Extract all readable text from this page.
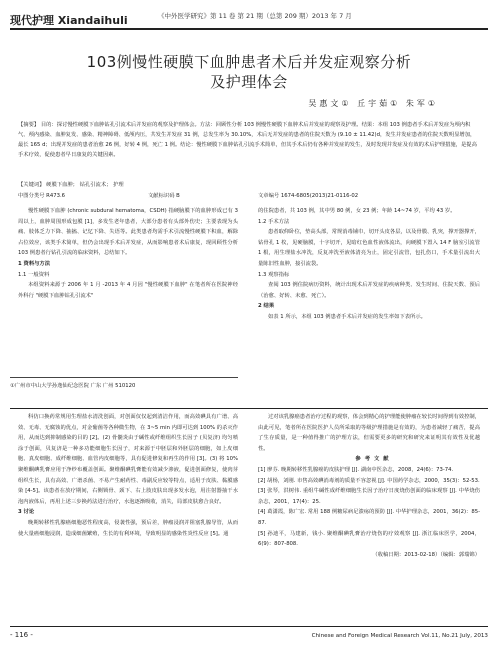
现代护理 Xiandaihuli	《中外医学研究》第 11 卷 第 21 期（总第 209 期）2013 年 7 月
103例慢性硬膜下血肿患者术后并发症观察分析
及护理体会
吴惠文① 丘宇茹① 朱军①
【摘要】 目的：探讨慢性硬膜下血肿钻孔引流术后并发症的观察及护理体会。方法：回顾性分析 103 例慢性硬膜下血肿术后并发症的观察及护理。结果：本组 103 例患者手术后并发症为颅内积气、颅内感染、血肿复发、感染、精神障碍、低颅内压，共发生并发症 31 例，总发生率为 30.10%，术后无并发症的患者的住院天数为 (9.10 ± 11.42)d，发生并发症患者的住院天数明显增加，最长 165 d；出现并发症的患者治愈 26 例，好转 4 例，死亡 1 例。结论：慢性硬膜下血肿钻孔引流手术简单，但其手术后仍有各种并发症的发生，及时发现并发症及有效的术后护理措施，是提高手术疗效，促使患者早日康复的关键因素。
【关键词】 硬膜下血肿； 钻孔引流术； 护理
中图分类号 R473.6	文献标识码 B	文章编号 1674-6805(2013)21-0116-02

慢性硬膜下血肿 (chronic subdural hematoma，CSDH) 指硬脑膜下的血肿形成已有 3 周以上，血肿周围形成包膜 [1]，多发生老年患者，大部分患者有头部外伤史；主要表现为头痛、肢体乏力下降、抽搐、记忆下降、失语等。此类患者均需手术引流慢性硬膜下积血，解除占位效应，该类手术简单，但仍会出现手术后并发症，从而影响患者术后康复，现回顾性分析 103 例患者行钻孔引流的临床资料，总结如下。

1 资料与方法

1.1 一般资料

本组资料来源于 2006 年 1 月 -2013 年 4 月因 "慢性硬膜下血肿" 在笔者所在医院神经外科行 "硬膜下血肿钻孔引流术"

①广州市中山大学孙逸仙纪念医院 广东 广州 510120

的住院患者，共 103 例，其中男 80 例，女 23 例；年龄 14~74 岁，平均 43 岁。

1.2 手术方法

患者取仰卧位，垫高头部，常规消毒铺巾，切开头皮各层，以及骨膜、乳突，撑开器撑开，钻骨孔 1 枚，见硬脑膜，十字切开，见暗红色血性液体流出，向硬膜下置入 14 F 脑室引流管 1 根，用生理盐水冲洗，反复冲洗至液体清亮为止，固定引流管，包扎伤口，手术量引流出大量陈旧性血肿，接引流袋。

1.3 观察指标

查阅 103 例住院病历资料，统计出现术后并发症的疾病种类、发生时间、住院天数、预后（治愈、好转、未愈、死亡）。

2 结果

如表 1 所示，本组 103 例患者手术后并发症的发生率如下表所示。

科仿口换药常规用生理盐水清洗创面，对创面仅仅起到清洁作用，而高效碘具有广谱、高效、无毒、无腐蚀的优点，对金葡菌等各种微生物，在 3~5 min 内即可达到 100% 的杀灭作用，从而达到抑制感染的目的 [2]。(2) 骨髓炎由于碱性或纤维组织生长因子 (贝复济) 均匀喷涂于创面，贝复济是一种多功能细胞生长因子，对来源于中胚层和外胚层的细胞，如上皮细胞、真皮细胞、成纤维细胞、血管内皮细胞等，具有促进修复和再生的作用 [3]。(3) 将 10% 聚维酮碘乳膏应用于净纱布覆盖创面。聚维酮碘乳膏能有效减少渗液，促进创面修复，使肉芽组织生长，具有高效、广谱杀菌、不易产生耐药性、毒副反应较等特点，适用于皮肤、黏膜感染 [4-5]。该患者在放疗期间，右侧锁骨、颈下、右上肢皮肤出现多发水泡，用注射器抽干水泡内液体后，再用上述三步换药法进行治疗，水泡逐渐吸收，消失，局部皮肤愈合良好。

3 讨论

晚期转移性乳腺癌细胞恶性程度高，侵袭性强，预后差，肿瘤浸润并阻塞乳腺导管，从而使大量癌细胞浸润，造成细菌繁殖，生长的有利环境，导致明显的感染性炎性反应 [5]。通

过对该乳腺癌患者治疗过程的观察，体会到精心的护理能使肿瘤在较长时间得到有效控制，由此可见，笔者所在医院医护人员所采取的等级护理措施是有效的，为患者减轻了痛苦，提高了生存质量，是一种值得推广的护理方法，但需要更多的研究和研究来证明其有效性及优越性。

参考文献

[1] 廖芬. 晚期转移性乳腺癌的皮肤护理 [J]. 湖南中医杂志，2008，24(6)：73-74.

[2] 胡杨，刘刚. 市售高效碘消毒剂的质量不容忽视 [J]. 中国药学杂志，2000，35(3)：52-53.

[3] 张琴，洪树伟. 重组牛碱性成纤维细胞生长因子治疗日度烧伤创面的临床观察 [J]. 中华烧伤杂志，2001，17(4)：25.

[4] 葛潇霞，陈广宏. 常用 188 例糖尿病足溃疡的预防 [J]. 中华护理杂志，2001，36(2)：85-87.

[5] 孙迪平，马建新，钱小. 聚维酮碘乳膏治疗烧伤的疗效观察 [J]. 浙江临床医学，2004，6(9)：807-808.

（收稿日期：2013-02-18）（编辑：郭瑞锦）

- 116 -	Chinese and Foreign Medical Research Vol.11, No.21 July, 2013
